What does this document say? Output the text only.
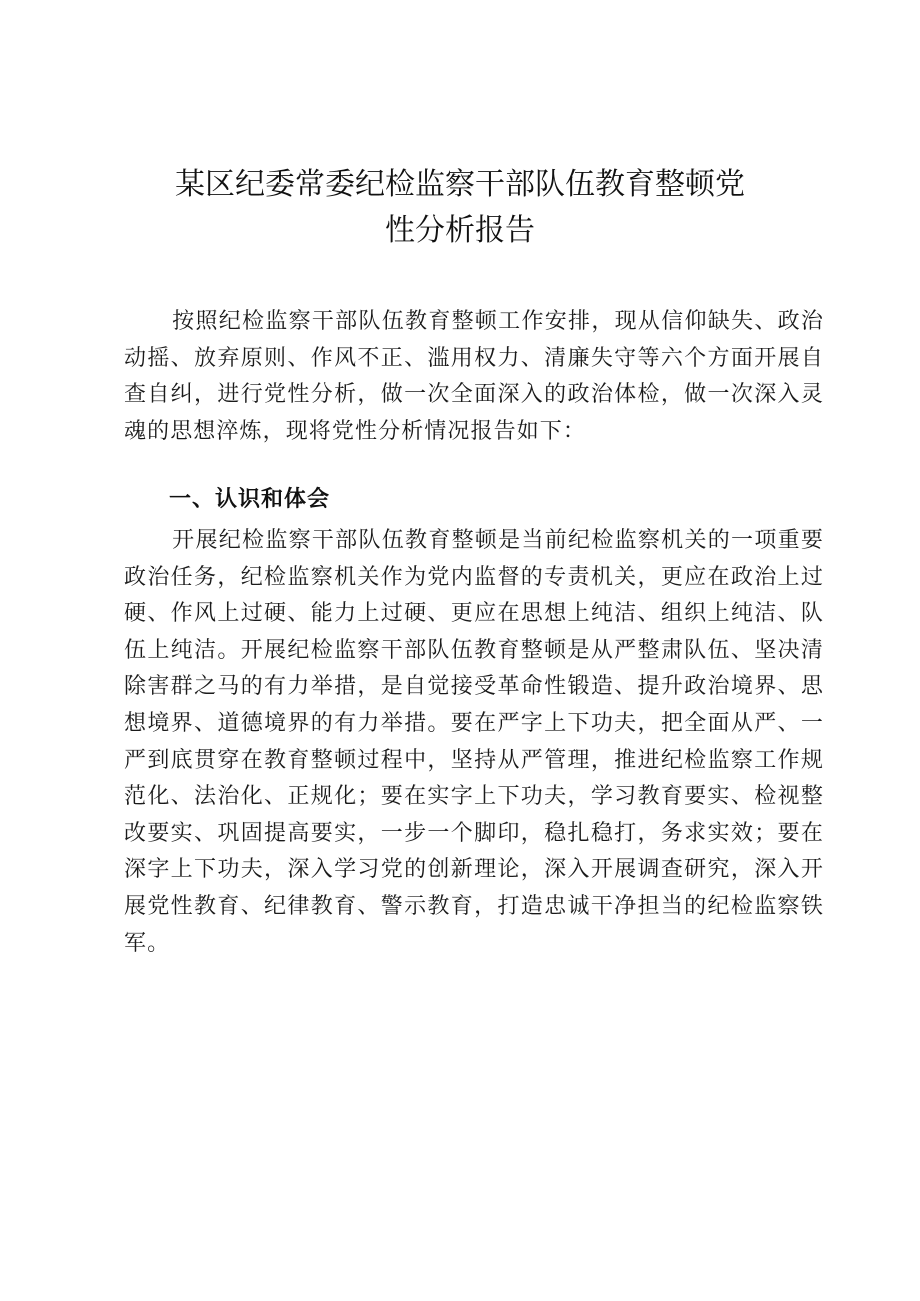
某区纪委常委纪检监察干部队伍教育整顿党
性分析报告

按照纪检监察干部队伍教育整顿工作安排，现从信仰缺失、政治动摇、放弃原则、作风不正、滥用权力、清廉失守等六个方面开展自查自纠，进行党性分析，做一次全面深入的政治体检，做一次深入灵魂的思想淬炼，现将党性分析情况报告如下：

一、认识和体会

开展纪检监察干部队伍教育整顿是当前纪检监察机关的一项重要政治任务，纪检监察机关作为党内监督的专责机关，更应在政治上过硬、作风上过硬、能力上过硬、更应在思想上纯洁、组织上纯洁、队伍上纯洁。开展纪检监察干部队伍教育整顿是从严整肃队伍、坚决清除害群之马的有力举措，是自觉接受革命性锻造、提升政治境界、思想境界、道德境界的有力举措。要在严字上下功夫，把全面从严、一严到底贯穿在教育整顿过程中，坚持从严管理，推进纪检监察工作规范化、法治化、正规化；要在实字上下功夫，学习教育要实、检视整改要实、巩固提高要实，一步一个脚印，稳扎稳打，务求实效；要在深字上下功夫，深入学习党的创新理论，深入开展调查研究，深入开展党性教育、纪律教育、警示教育，打造忠诚干净担当的纪检监察铁军。
